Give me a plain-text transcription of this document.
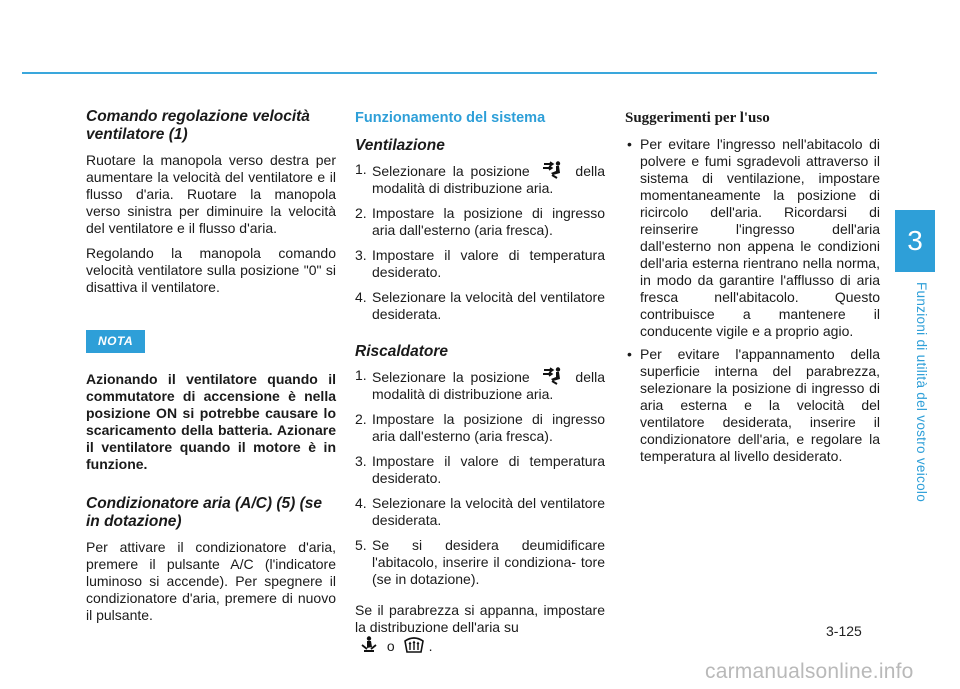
3
Funzioni di utilità del vostro veicolo
Comando regolazione velocità ventilatore (1)

Ruotare la manopola verso destra per aumentare la velocità del ventilatore e il flusso d'aria. Ruotare la manopola verso sinistra per diminuire la velocità del ventilatore e il flusso d'aria.

Regolando la manopola comando velocità ventilatore sulla posizione "0" si disattiva il ventilatore.

NOTA

Azionando il ventilatore quando il commutatore di accensione è nella posizione ON si potrebbe causare lo scaricamento della batteria. Azionare il ventilatore quando il motore è in funzione.

Condizionatore aria (A/C) (5) (se in dotazione)

Per attivare il condizionatore d'aria, premere il pulsante A/C (l'indicatore luminoso si accende). Per spegnere il condizionatore d'aria, premere di nuovo il pulsante.

Funzionamento del sistema
Ventilazione
1. Selezionare la posizione	della modalità di distribuzione aria.
2. Impostare la posizione di ingresso aria dall'esterno (aria fresca).
3. Impostare il valore di temperatura desiderato.
4. Selezionare la velocità del ventilatore desiderata.
Riscaldatore
1. Selezionare la posizione	della modalità di distribuzione aria.
2. Impostare la posizione di ingresso aria dall'esterno (aria fresca).
3. Impostare il valore di temperatura desiderato.
4. Selezionare la velocità del ventilatore desiderata.
5. Se si desidera deumidificare l'abitacolo, inserire il condiziona- tore (se in dotazione).

Se il parabrezza si appanna, impostare la distribuzione dell'aria su

o .

Suggerimenti per l'uso
• Per evitare l'ingresso nell'abitacolo di polvere e fumi sgradevoli attraverso il sistema di ventilazione, impostare momentaneamente la posizione di ricircolo dell'aria. Ricordarsi di reinserire l'ingresso dell'aria dall'esterno non appena le condizioni dell'aria esterna rientrano nella norma, in modo da garantire l'afflusso di aria fresca nell'abitacolo. Questo contribuisce a mantenere il conducente vigile e a proprio agio.
• Per evitare l'appannamento della superficie interna del parabrezza, selezionare la posizione di ingresso di aria esterna e la velocità del ventilatore desiderata, inserire il condizionatore dell'aria, e regolare la temperatura al livello desiderato.
3-125
carmanualsonline.info
